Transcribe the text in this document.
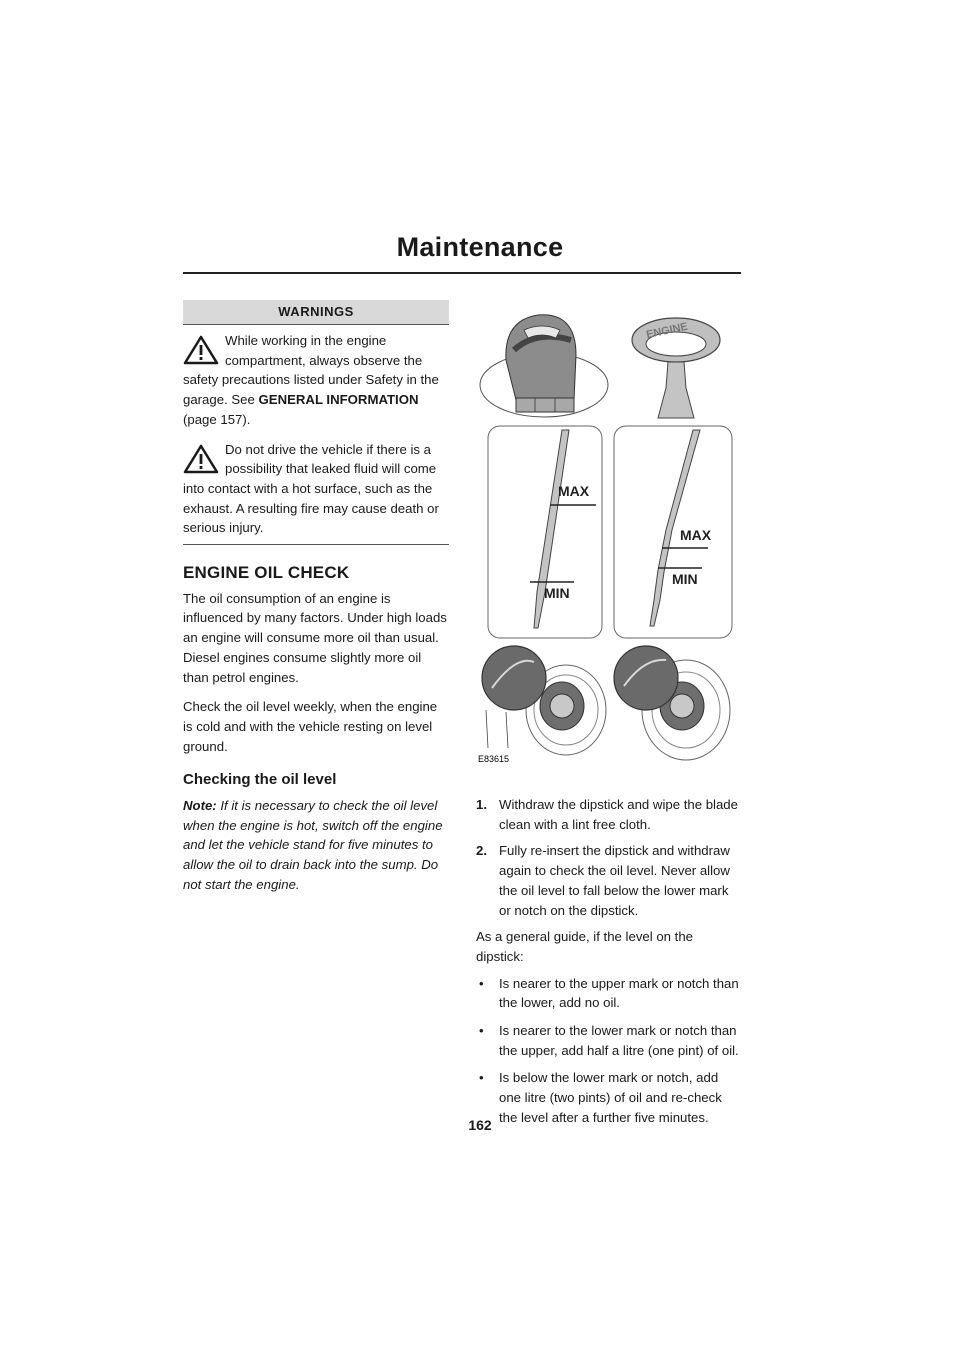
Maintenance
WARNINGS

While working in the engine compartment, always observe the safety precautions listed under Safety in the garage. See GENERAL INFORMATION
(page 157).

Do not drive the vehicle if there is a possibility that leaked fluid will come into contact with a hot surface, such as the exhaust. A resulting fire may cause death or serious injury.

ENGINE OIL CHECK

The oil consumption of an engine is influenced by many factors. Under high loads an engine will consume more oil than usual. Diesel engines consume slightly more oil than petrol engines.

Check the oil level weekly, when the engine is cold and with the vehicle resting on level ground.

Checking the oil level

Note: If it is necessary to check the oil level when the engine is hot, switch off the engine and let the vehicle stand for five minutes to allow the oil to drain back into the sump. Do not start the engine.

ENGINE
MAX
MIN
MAX
MIN
E83615
1. Withdraw the dipstick and wipe the blade clean with a lint free cloth.
2. Fully re-insert the dipstick and withdraw again to check the oil level. Never allow the oil level to fall below the lower mark or notch on the dipstick.

As a general guide, if the level on the dipstick:

• Is nearer to the upper mark or notch than the lower, add no oil.
• Is nearer to the lower mark or notch than the upper, add half a litre (one pint) of oil.
• Is below the lower mark or notch, add one litre (two pints) of oil and re-check the level after a further five minutes.
162
